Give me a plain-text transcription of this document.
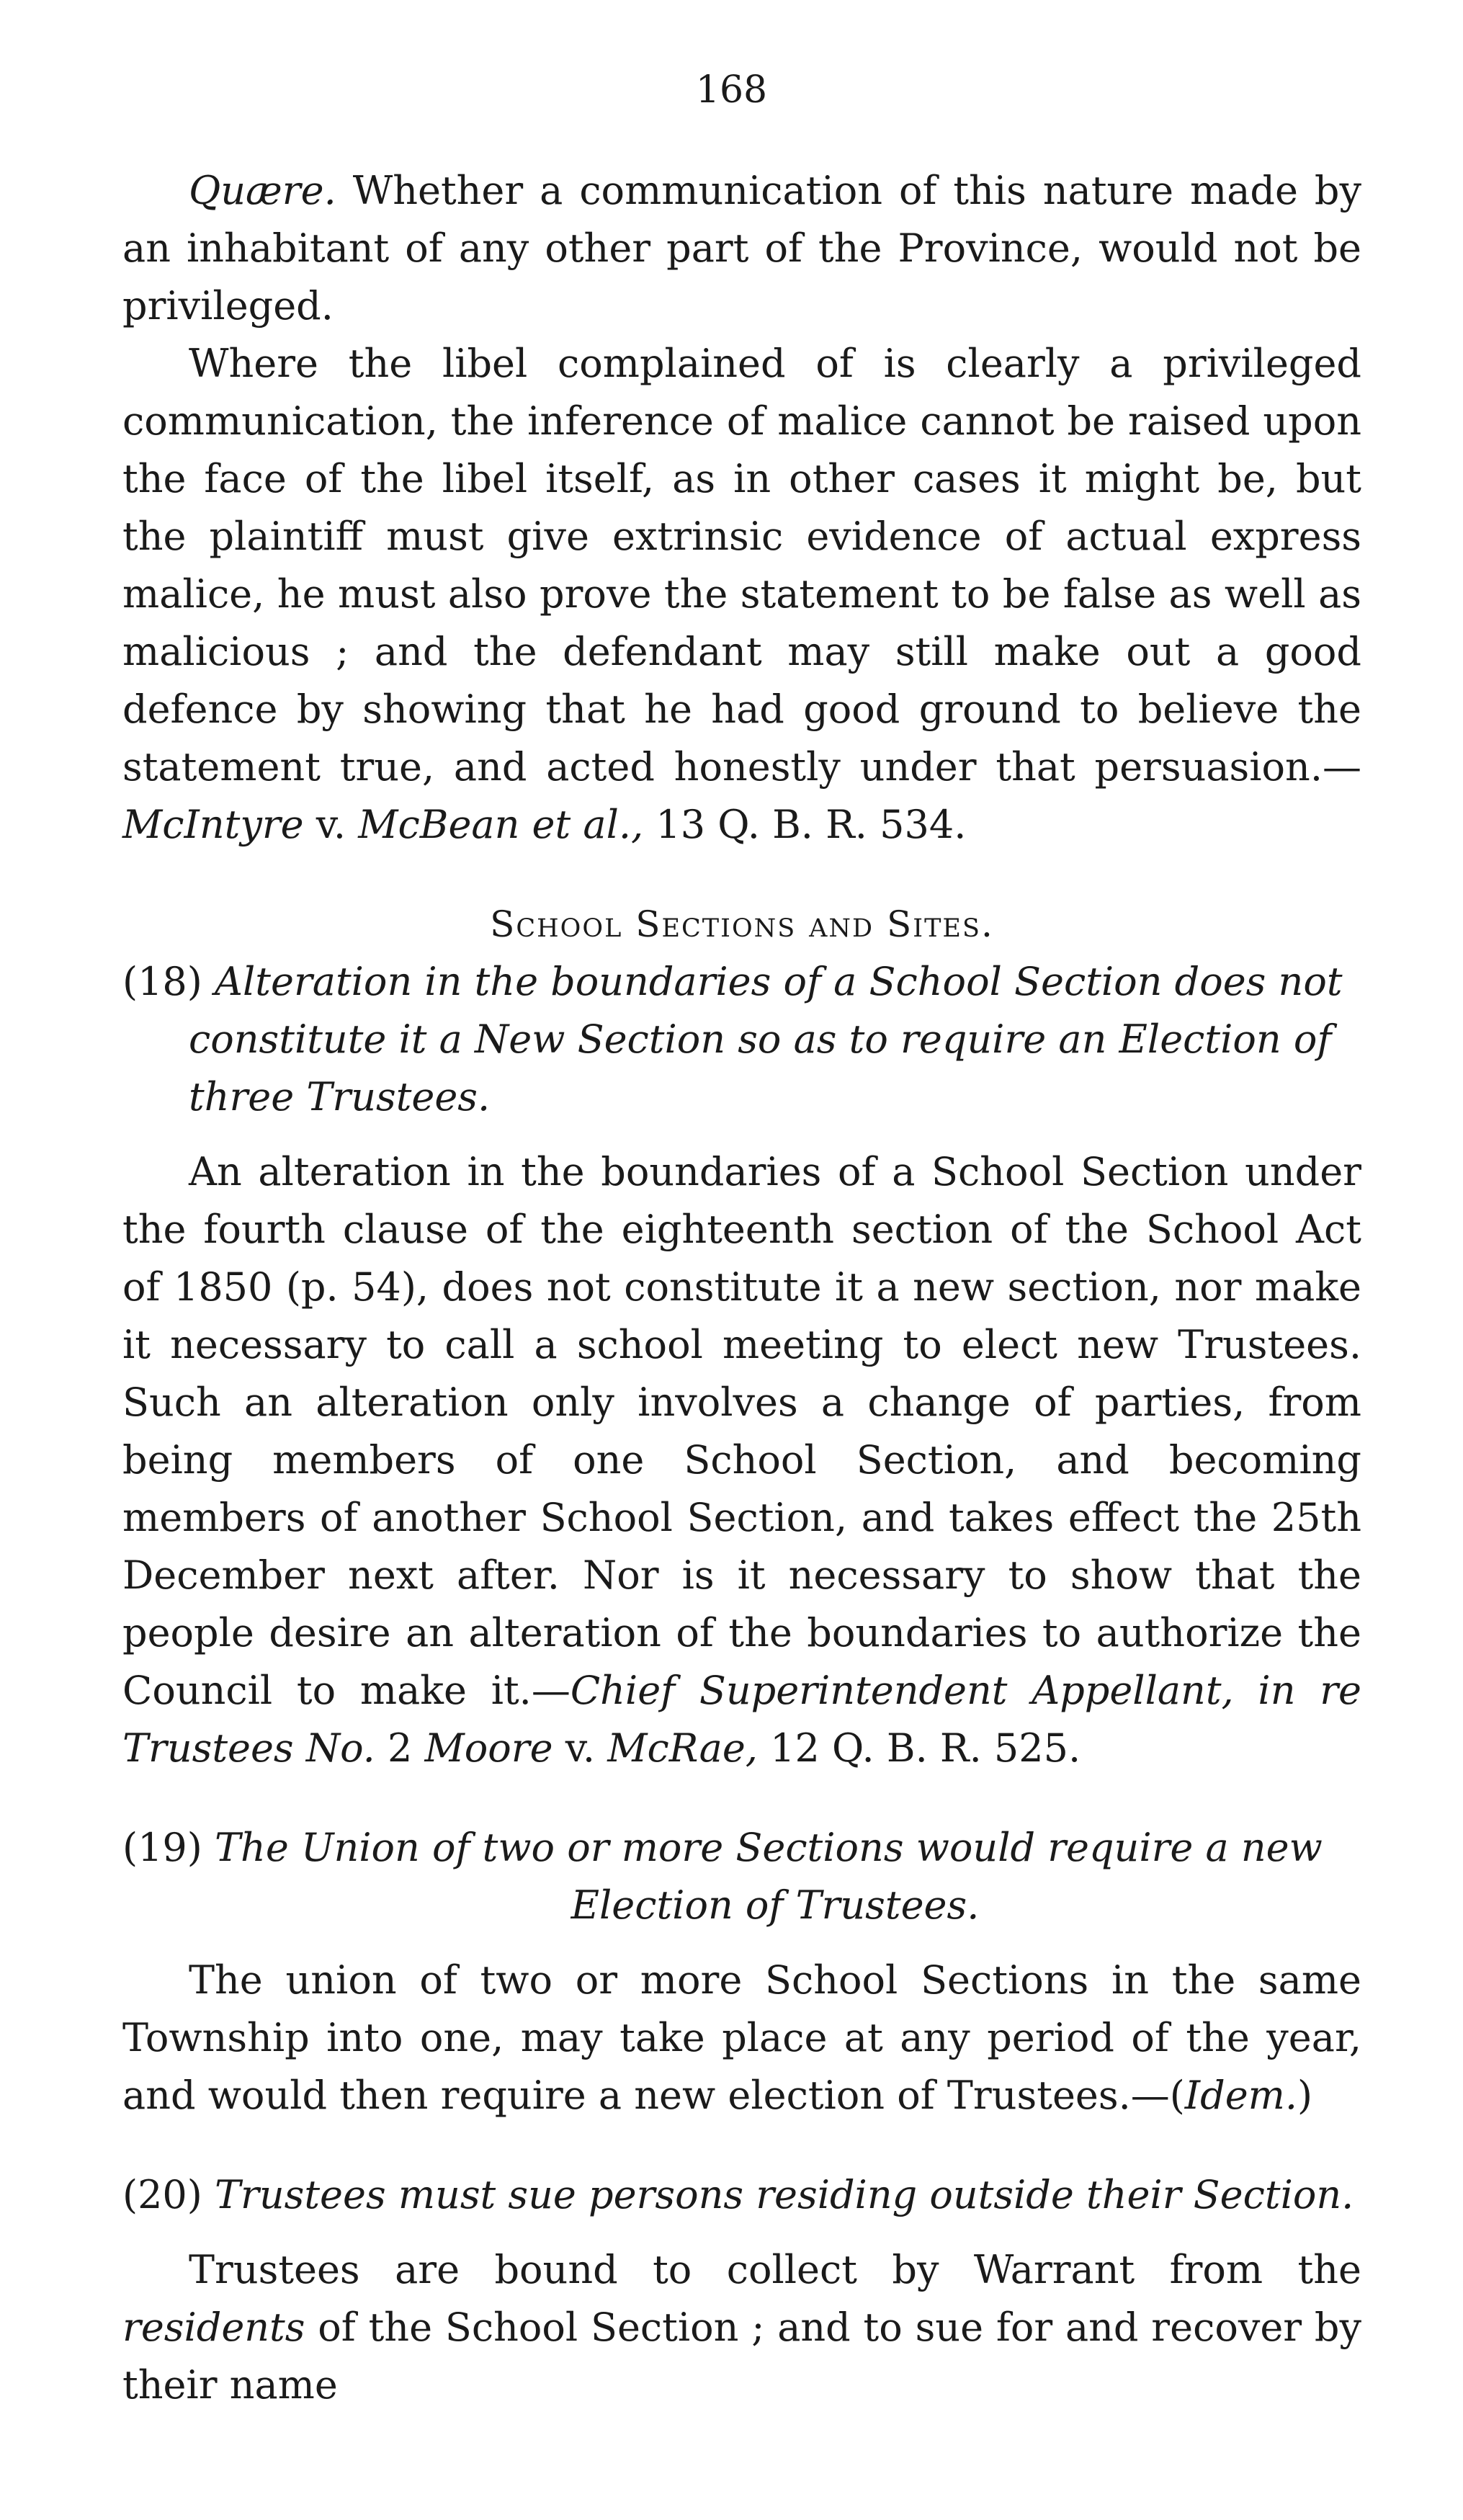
168

Quære. Whether a communication of this nature made by an inhabitant of any other part of the Province, would not be privileged.

Where the libel complained of is clearly a privileged communication, the inference of malice cannot be raised upon the face of the libel itself, as in other cases it might be, but the plaintiff must give extrinsic evidence of actual express malice, he must also prove the statement to be false as well as malicious ; and the defendant may still make out a good defence by showing that he had good ground to believe the statement true, and acted honestly under that persuasion.—McIntyre v. McBean et al., 13 Q. B. R. 534.

School Sections and Sites.

(18) Alteration in the boundaries of a School Section does not constitute it a New Section so as to require an Election of three Trustees.

An alteration in the boundaries of a School Section under the fourth clause of the eighteenth section of the School Act of 1850 (p. 54), does not constitute it a new section, nor make it necessary to call a school meeting to elect new Trustees. Such an alteration only involves a change of parties, from being members of one School Section, and becoming members of another School Section, and takes effect the 25th December next after. Nor is it necessary to show that the people desire an alteration of the boundaries to authorize the Council to make it.—Chief Superintendent Appellant, in re Trustees No. 2 Moore v. McRae, 12 Q. B. R. 525.

(19) The Union of two or more Sections would require a new
Election of Trustees.

The union of two or more School Sections in the same Township into one, may take place at any period of the year, and would then require a new election of Trustees.—(Idem.)

(20) Trustees must sue persons residing outside their Section.

Trustees are bound to collect by Warrant from the residents of the School Section ; and to sue for and recover by their name
